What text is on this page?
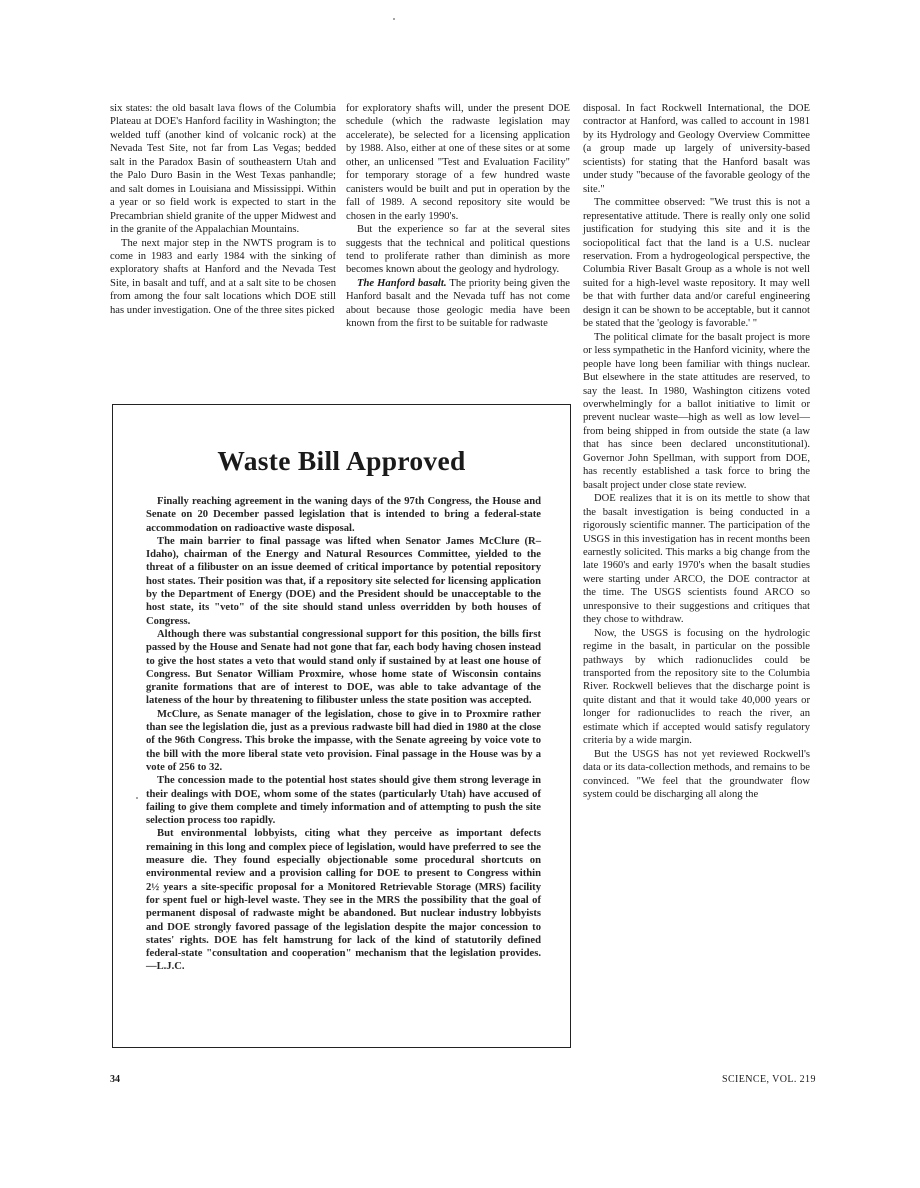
six states: the old basalt lava flows of the Columbia Plateau at DOE's Hanford facility in Washington; the welded tuff (another kind of volcanic rock) at the Nevada Test Site, not far from Las Vegas; bedded salt in the Paradox Basin of southeastern Utah and the Palo Duro Basin in the West Texas panhandle; and salt domes in Louisiana and Mississippi. Within a year or so field work is expected to start in the Precambrian shield granite of the upper Midwest and in the granite of the Appalachian Mountains.

The next major step in the NWTS program is to come in 1983 and early 1984 with the sinking of exploratory shafts at Hanford and the Nevada Test Site, in basalt and tuff, and at a salt site to be chosen from among the four salt locations which DOE still has under investigation. One of the three sites picked

for exploratory shafts will, under the present DOE schedule (which the radwaste legislation may accelerate), be selected for a licensing application by 1988. Also, either at one of these sites or at some other, an unlicensed "Test and Evaluation Facility" for temporary storage of a few hundred waste canisters would be built and put in operation by the fall of 1989. A second repository site would be chosen in the early 1990's.

But the experience so far at the several sites suggests that the technical and political questions tend to proliferate rather than diminish as more becomes known about the geology and hydrology.

The Hanford basalt. The priority being given the Hanford basalt and the Nevada tuff has not come about because those geologic media have been known from the first to be suitable for radwaste

disposal. In fact Rockwell International, the DOE contractor at Hanford, was called to account in 1981 by its Hydrology and Geology Overview Committee (a group made up largely of university-based scientists) for stating that the Hanford basalt was under study "because of the favorable geology of the site."

The committee observed: "We trust this is not a representative attitude. There is really only one solid justification for studying this site and it is the sociopolitical fact that the land is a U.S. nuclear reservation. From a hydrogeological perspective, the Columbia River Basalt Group as a whole is not well suited for a high-level waste repository. It may well be that with further data and/or careful engineering design it can be shown to be acceptable, but it cannot be stated that the 'geology is favorable.' "

The political climate for the basalt project is more or less sympathetic in the Hanford vicinity, where the people have long been familiar with things nuclear. But elsewhere in the state attitudes are reserved, to say the least. In 1980, Washington citizens voted overwhelmingly for a ballot initiative to limit or prevent nuclear waste—high as well as low level—from being shipped in from outside the state (a law that has since been declared unconstitutional). Governor John Spellman, with support from DOE, has recently established a task force to bring the basalt project under close state review.

DOE realizes that it is on its mettle to show that the basalt investigation is being conducted in a rigorously scientific manner. The participation of the USGS in this investigation has in recent months been earnestly solicited. This marks a big change from the late 1960's and early 1970's when the basalt studies were starting under ARCO, the DOE contractor at the time. The USGS scientists found ARCO so unresponsive to their suggestions and critiques that they chose to withdraw.

Now, the USGS is focusing on the hydrologic regime in the basalt, in particular on the possible pathways by which radionuclides could be transported from the repository site to the Columbia River. Rockwell believes that the discharge point is quite distant and that it would take 40,000 years or longer for radionuclides to reach the river, an estimate which if accepted would satisfy regulatory criteria by a wide margin.

But the USGS has not yet reviewed Rockwell's data or its data-collection methods, and remains to be convinced. "We feel that the groundwater flow system could be discharging all along the

Waste Bill Approved

Finally reaching agreement in the waning days of the 97th Congress, the House and Senate on 20 December passed legislation that is intended to bring a federal-state accommodation on radioactive waste disposal.

The main barrier to final passage was lifted when Senator James McClure (R–Idaho), chairman of the Energy and Natural Resources Committee, yielded to the threat of a filibuster on an issue deemed of critical importance by potential repository host states. Their position was that, if a repository site selected for licensing application by the Department of Energy (DOE) and the President should be unacceptable to the host state, its "veto" of the site should stand unless overridden by both houses of Congress.

Although there was substantial congressional support for this position, the bills first passed by the House and Senate had not gone that far, each body having chosen instead to give the host states a veto that would stand only if sustained by at least one house of Congress. But Senator William Proxmire, whose home state of Wisconsin contains granite formations that are of interest to DOE, was able to take advantage of the lateness of the hour by threatening to filibuster unless the state position was accepted.

McClure, as Senate manager of the legislation, chose to give in to Proxmire rather than see the legislation die, just as a previous radwaste bill had died in 1980 at the close of the 96th Congress. This broke the impasse, with the Senate agreeing by voice vote to the bill with the more liberal state veto provision. Final passage in the House was by a vote of 256 to 32.

The concession made to the potential host states should give them strong leverage in their dealings with DOE, whom some of the states (particularly Utah) have accused of failing to give them complete and timely information and of attempting to push the site selection process too rapidly.

But environmental lobbyists, citing what they perceive as important defects remaining in this long and complex piece of legislation, would have preferred to see the measure die. They found especially objectionable some procedural shortcuts on environmental review and a provision calling for DOE to present to Congress within 2½ years a site-specific proposal for a Monitored Retrievable Storage (MRS) facility for spent fuel or high-level waste. They see in the MRS the possibility that the goal of permanent disposal of radwaste might be abandoned. But nuclear industry lobbyists and DOE strongly favored passage of the legislation despite the major concession to states' rights. DOE has felt hamstrung for lack of the kind of statutorily defined federal-state "consultation and cooperation" mechanism that the legislation provides.—L.J.C.

34	SCIENCE, VOL. 219
